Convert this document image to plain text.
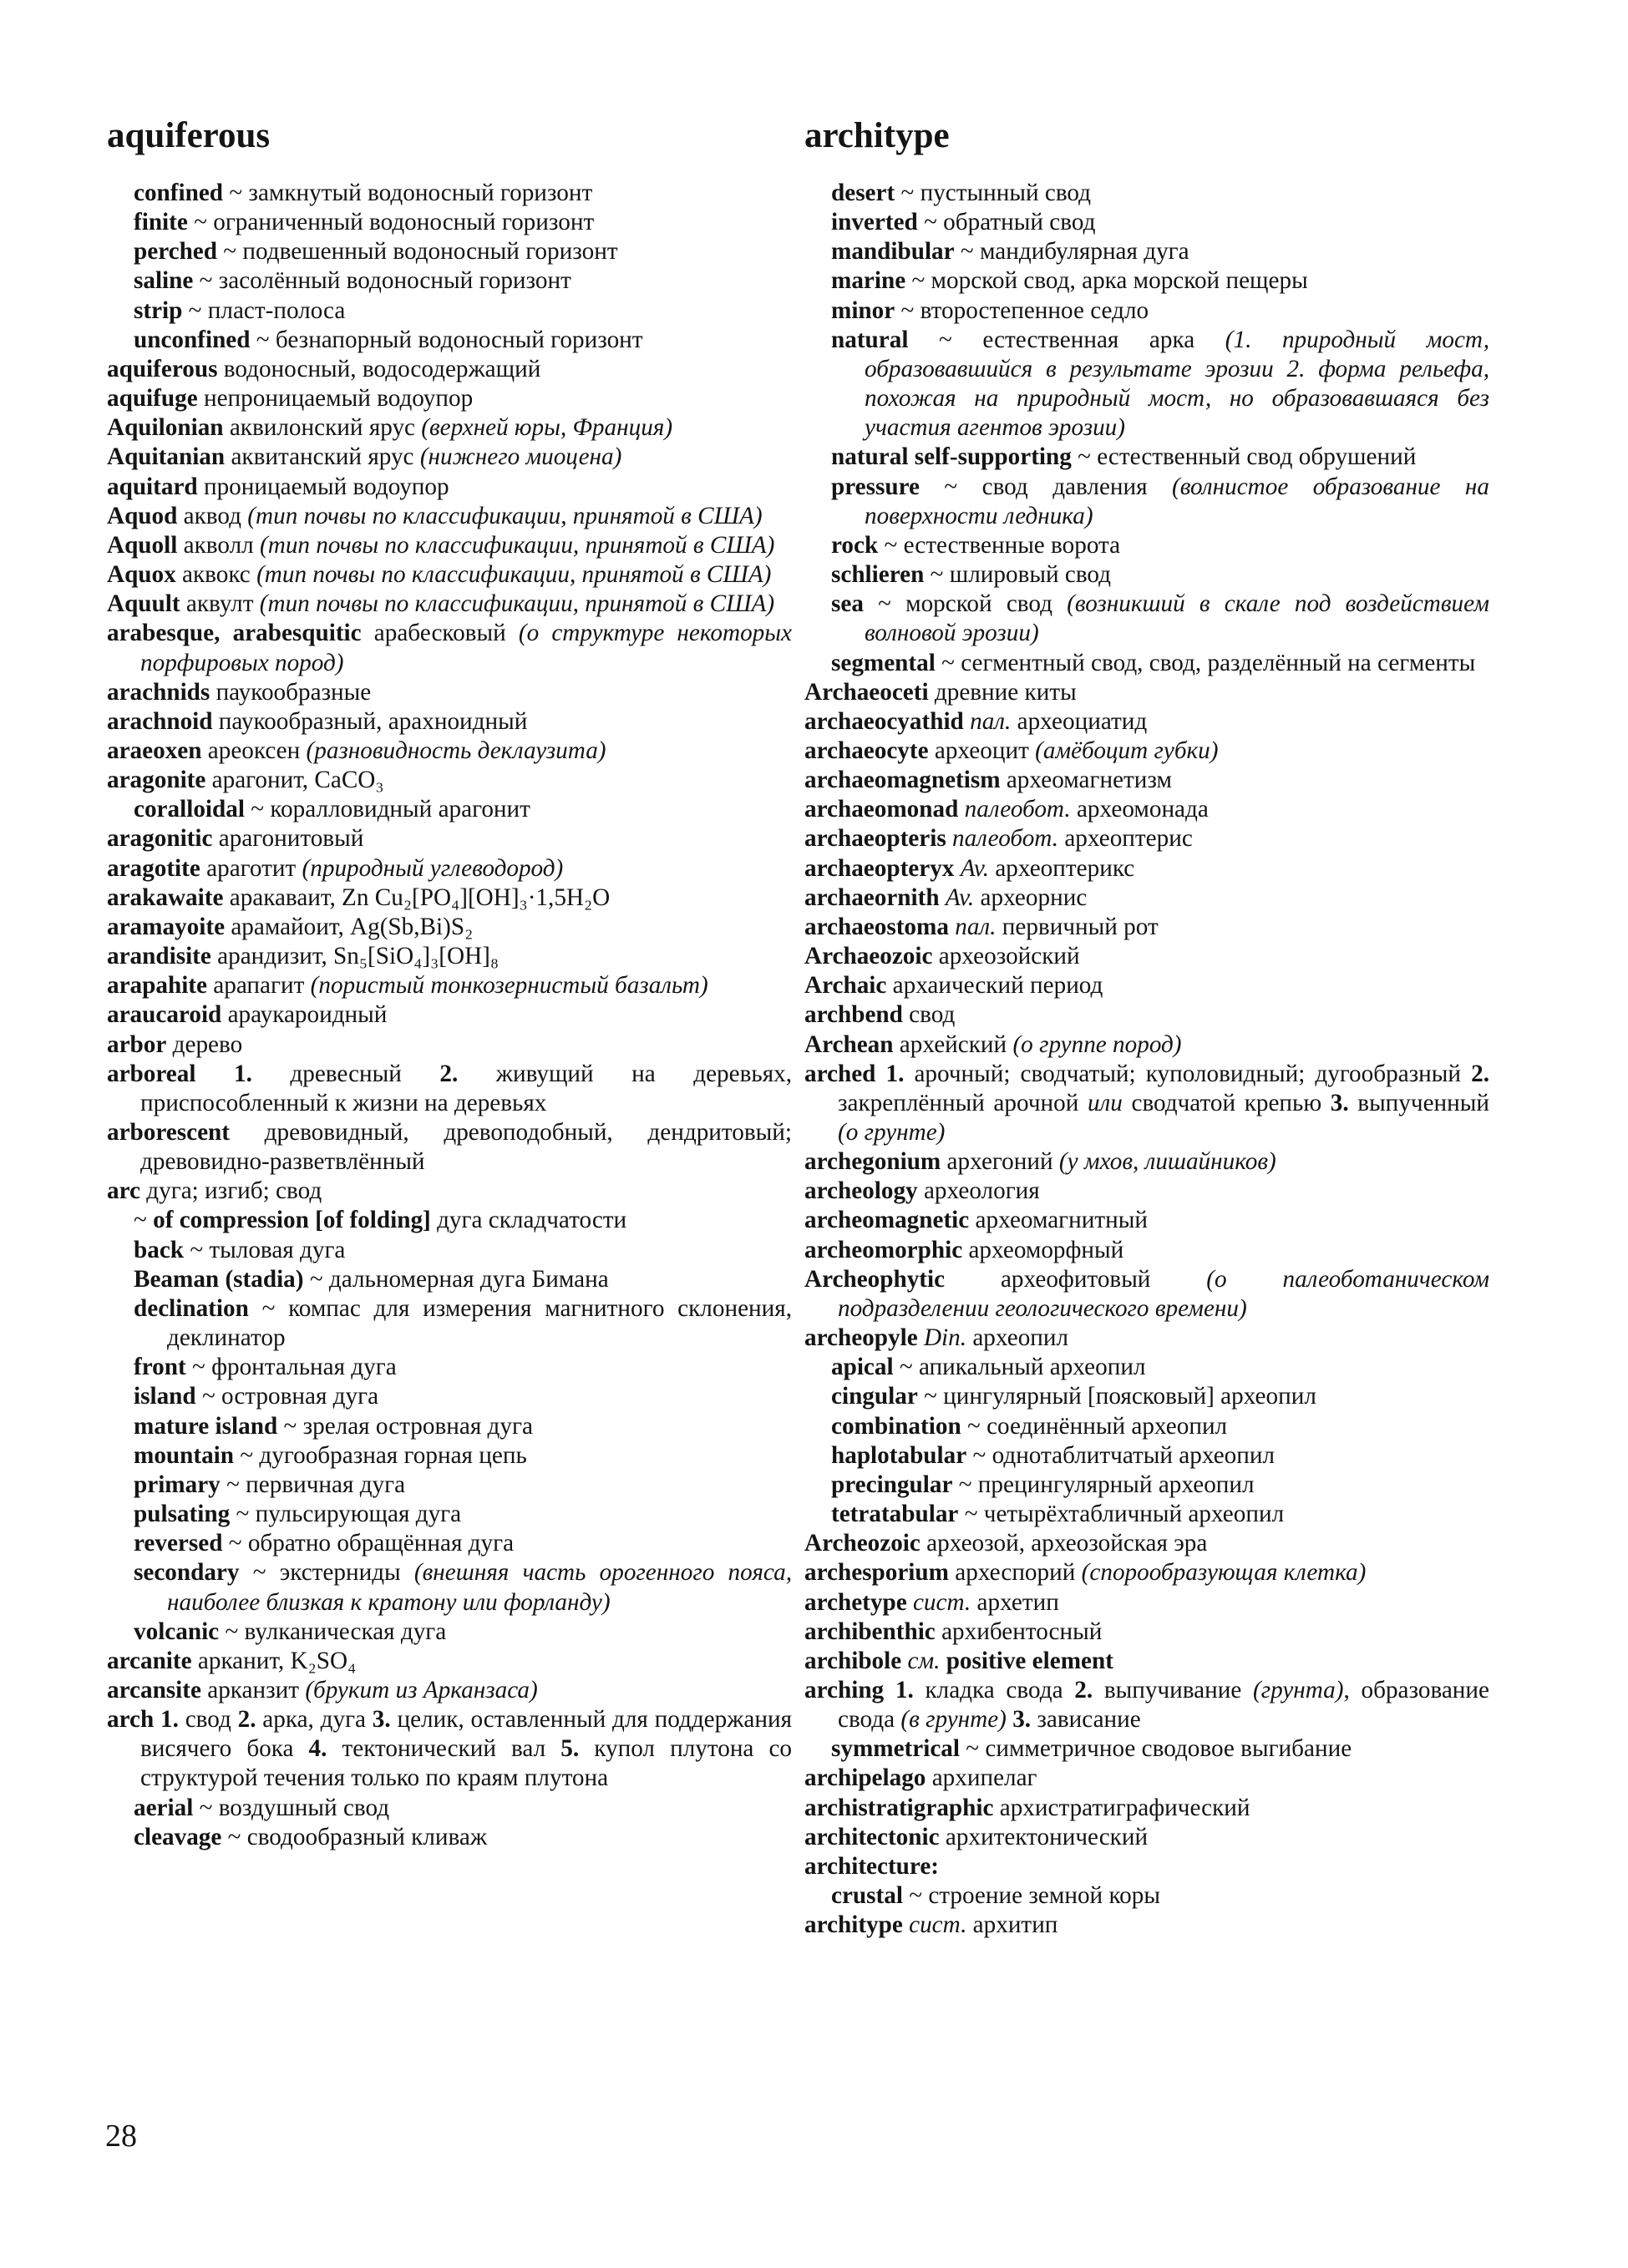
aquiferous	architype
confined ~ замкнутый водоносный горизонт
finite ~ ограниченный водоносный горизонт
perched ~ подвешенный водоносный горизонт
saline ~ засолённый водоносный горизонт
strip ~ пласт-полоса
unconfined ~ безнапорный водоносный горизонт
aquiferous водоносный, водосодержащий
aquifuge непроницаемый водоупор
Aquilonian аквилонский ярус (верхней юры, Франция)
Aquitanian аквитанский ярус (нижнего миоцена)
aquitard проницаемый водоупор
Aquod аквод (тип почвы по классификации, принятой в США)
Aquoll акволл (тип почвы по классификации, принятой в США)
Aquox аквокс (тип почвы по классификации, принятой в США)
Aquult аквулт (тип почвы по классификации, принятой в США)
arabesque, arabesquitic арабесковый (о структуре некоторых порфировых пород)
arachnids паукообразные
arachnoid паукообразный, арахноидный
araeoxen ареоксен (разновидность деклаузита)
aragonite арагонит, CaCO₃
coralloidal ~ коралловидный арагонит
aragonitic арагонитовый
aragotite араготит (природный углеводород)
arakawaite аракаваит, Zn Cu₂[PO₄][OH]₃·1,5H₂O
aramayoite арамайоит, Ag(Sb,Bi)S₂
arandisite арандизит, Sn₅[SiO₄]₃[OH]₈
arapahite арапагит (пористый тонкозернистый базальт)
araucaroid араукароидный
arbor дерево
arboreal 1. древесный 2. живущий на деревьях, приспособленный к жизни на деревьях
arborescent древовидный, древоподобный, дендритовый; древовидно-разветвлённый
arc дуга; изгиб; свод
~ of compression [of folding] дуга складчатости
back ~ тыловая дуга
Beaman (stadia) ~ дальномерная дуга Бимана
declination ~ компас для измерения магнитного склонения, деклинатор
front ~ фронтальная дуга
island ~ островная дуга
mature island ~ зрелая островная дуга
mountain ~ дугообразная горная цепь
primary ~ первичная дуга
pulsating ~ пульсирующая дуга
reversed ~ обратно обращённая дуга
secondary ~ экстерниды (внешняя часть орогенного пояса, наиболее близкая к кратону или форланду)
volcanic ~ вулканическая дуга
arcanite арканит, K₂SO₄
arcansite арканзит (брукит из Арканзаса)
arch 1. свод 2. арка, дуга 3. целик, оставленный для поддержания висячего бока 4. тектонический вал 5. купол плутона со структурой течения только по краям плутона
aerial ~ воздушный свод
cleavage ~ сводообразный кливаж
desert ~ пустынный свод
inverted ~ обратный свод
mandibular ~ мандибулярная дуга
marine ~ морской свод, арка морской пещеры
minor ~ второстепенное седло
natural ~ естественная арка (1. природный мост, образовавшийся в результате эрозии 2. форма рельефа, похожая на природный мост, но образовавшаяся без участия агентов эрозии)
natural self-supporting ~ естественный свод обрушений
pressure ~ свод давления (волнистое образование на поверхности ледника)
rock ~ естественные ворота
schlieren ~ шлировый свод
sea ~ морской свод (возникший в скале под воздействием волновой эрозии)
segmental ~ сегментный свод, свод, разделённый на сегменты
Archaeoceti древние киты
archaeocyathid пал. археоциатид
archaeocyte археоцит (амёбоцит губки)
archaeomagnetism археомагнетизм
archaeomonad палеобот. археомонада
archaeopteris палеобот. археоптерис
archaeopteryx Av. археоптерикс
archaeornith Av. археорнис
archaeostoma пал. первичный рот
Archaeozoic археозойский
Archaic архаический период
archbend свод
Archean архейский (о группе пород)
arched 1. арочный; сводчатый; куполовидный; дугообразный 2. закреплённый арочной или сводчатой крепью 3. выпученный (о грунте)
archegonium архегоний (у мхов, лишайников)
archeology археология
archeomagnetic археомагнитный
archeomorphic археоморфный
Archeophytic археофитовый (о палеоботаническом подразделении геологического времени)
archeopyle Din. археопил
apical ~ апикальный археопил
cingular ~ цингулярный [поясковый] археопил
combination ~ соединённый археопил
haplotabular ~ однотаблитчатый археопил
precingular ~ прецингулярный археопил
tetratabular ~ четырёхтабличный археопил
Archeozoic археозой, археозойская эра
archesporium археспорий (спорообразующая клетка)
archetype сист. архетип
archibenthic архибентосный
archibole см. positive element
arching 1. кладка свода 2. выпучивание (грунта), образование свода (в грунте) 3. зависание
symmetrical ~ симметричное сводовое выгибание
archipelago архипелаг
archistratigraphic архистратиграфический
architectonic архитектонический
architecture:
crustal ~ строение земной коры
architype сист. архитип
28
